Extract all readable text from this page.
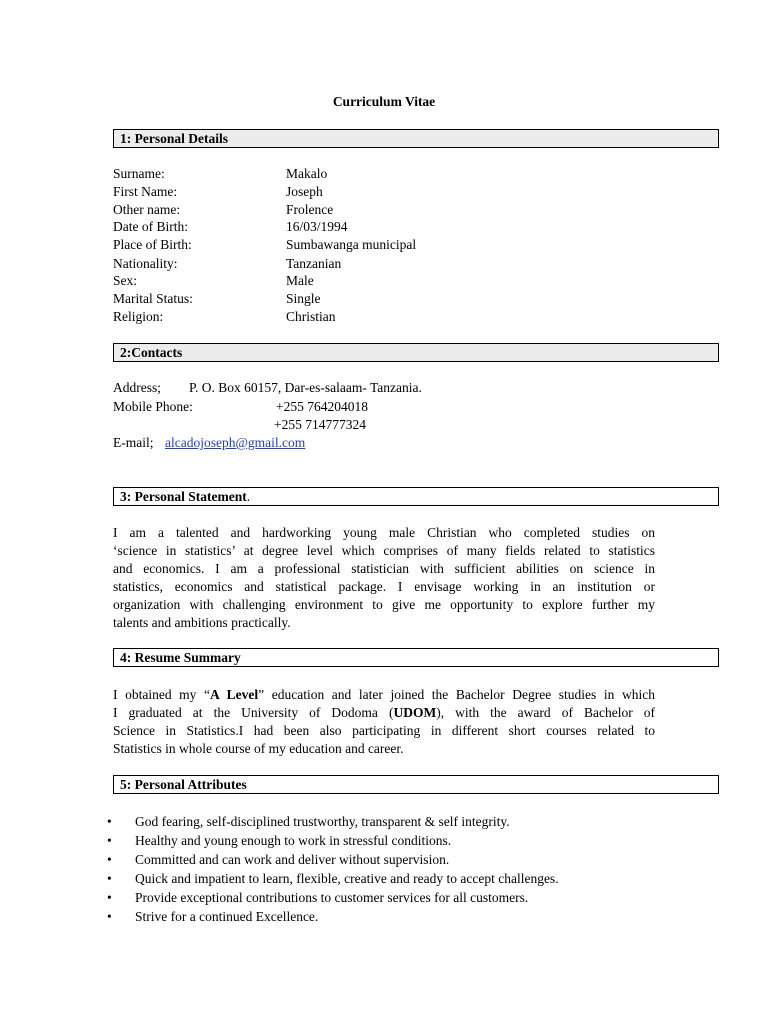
Curriculum Vitae
1: Personal Details
Surname:	Makalo
First Name:	Joseph
Other name:	Frolence
Date of Birth:	16/03/1994
Place of Birth:	Sumbawanga municipal
Nationality:	Tanzanian
Sex:	Male
Marital Status:	Single
Religion:	Christian
2:Contacts
Address; P. O. Box 60157, Dar-es-salaam- Tanzania.
Mobile Phone:	+255 764204018
+255 714777324
E-mail; alcadojoseph@gmail.com
3: Personal Statement.
I am a talented and hardworking young male Christian who completed studies on
‘science in statistics’ at degree level which comprises of many fields related to statistics
and economics. I am a professional statistician with sufficient abilities on science in
statistics, economics and statistical package. I envisage working in an institution or
organization with challenging environment to give me opportunity to explore further my
talents and ambitions practically.
4: Resume Summary
I obtained my “A Level” education and later joined the Bachelor Degree studies in which
I graduated at the University of Dodoma (UDOM), with the award of Bachelor of
Science in Statistics.I had been also participating in different short courses related to
Statistics in whole course of my education and career.
5: Personal Attributes
• God fearing, self-disciplined trustworthy, transparent & self integrity.
• Healthy and young enough to work in stressful conditions.
• Committed and can work and deliver without supervision.
• Quick and impatient to learn, flexible, creative and ready to accept challenges.
• Provide exceptional contributions to customer services for all customers.
• Strive for a continued Excellence.
